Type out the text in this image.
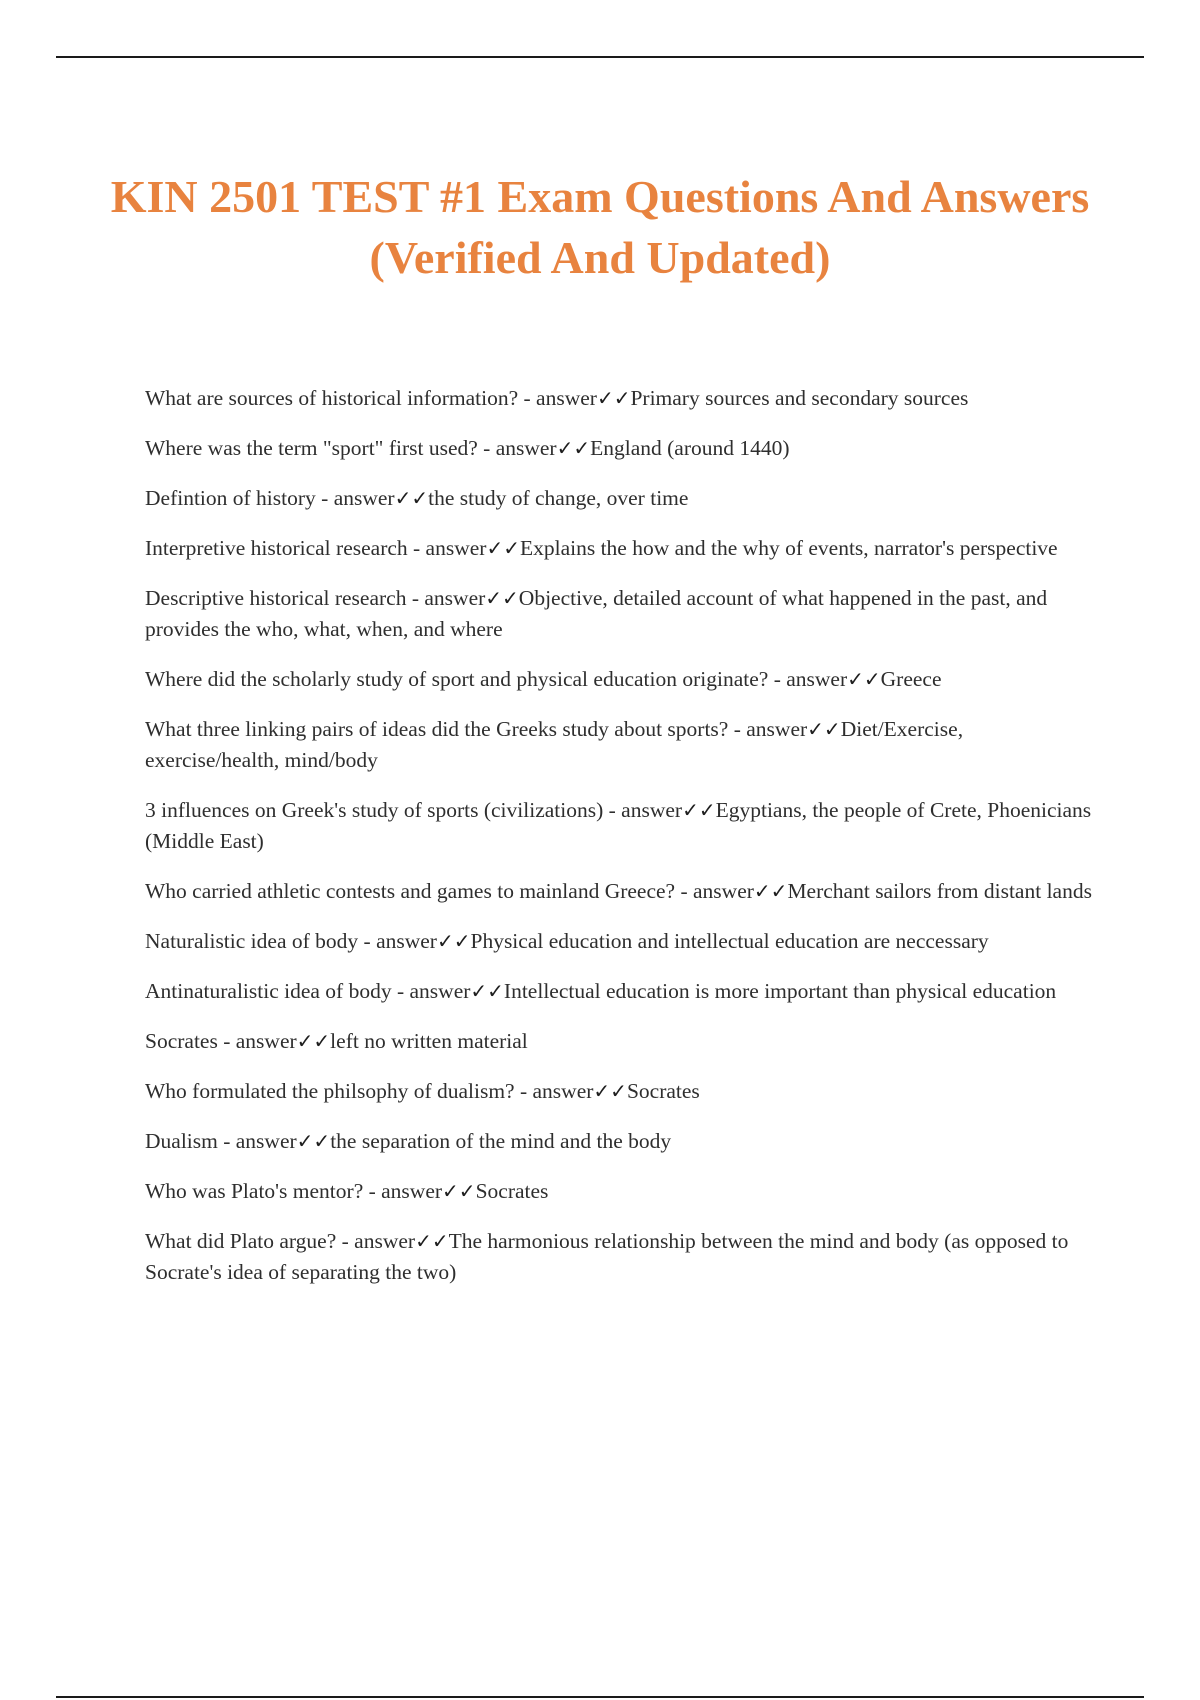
KIN 2501 TEST #1 Exam Questions And Answers (Verified And Updated)
What are sources of historical information? - answer✓✓Primary sources and secondary sources
Where was the term "sport" first used? - answer✓✓England (around 1440)
Defintion of history - answer✓✓the study of change, over time
Interpretive historical research - answer✓✓Explains the how and the why of events, narrator's perspective
Descriptive historical research - answer✓✓Objective, detailed account of what happened in the past, and provides the who, what, when, and where
Where did the scholarly study of sport and physical education originate? - answer✓✓Greece
What three linking pairs of ideas did the Greeks study about sports? - answer✓✓Diet/Exercise, exercise/health, mind/body
3 influences on Greek's study of sports (civilizations) - answer✓✓Egyptians, the people of Crete, Phoenicians (Middle East)
Who carried athletic contests and games to mainland Greece? - answer✓✓Merchant sailors from distant lands
Naturalistic idea of body - answer✓✓Physical education and intellectual education are neccessary
Antinaturalistic idea of body - answer✓✓Intellectual education is more important than physical education
Socrates - answer✓✓left no written material
Who formulated the philsophy of dualism? - answer✓✓Socrates
Dualism - answer✓✓the separation of the mind and the body
Who was Plato's mentor? - answer✓✓Socrates
What did Plato argue? - answer✓✓The harmonious relationship between the mind and body (as opposed to Socrate's idea of separating the two)
